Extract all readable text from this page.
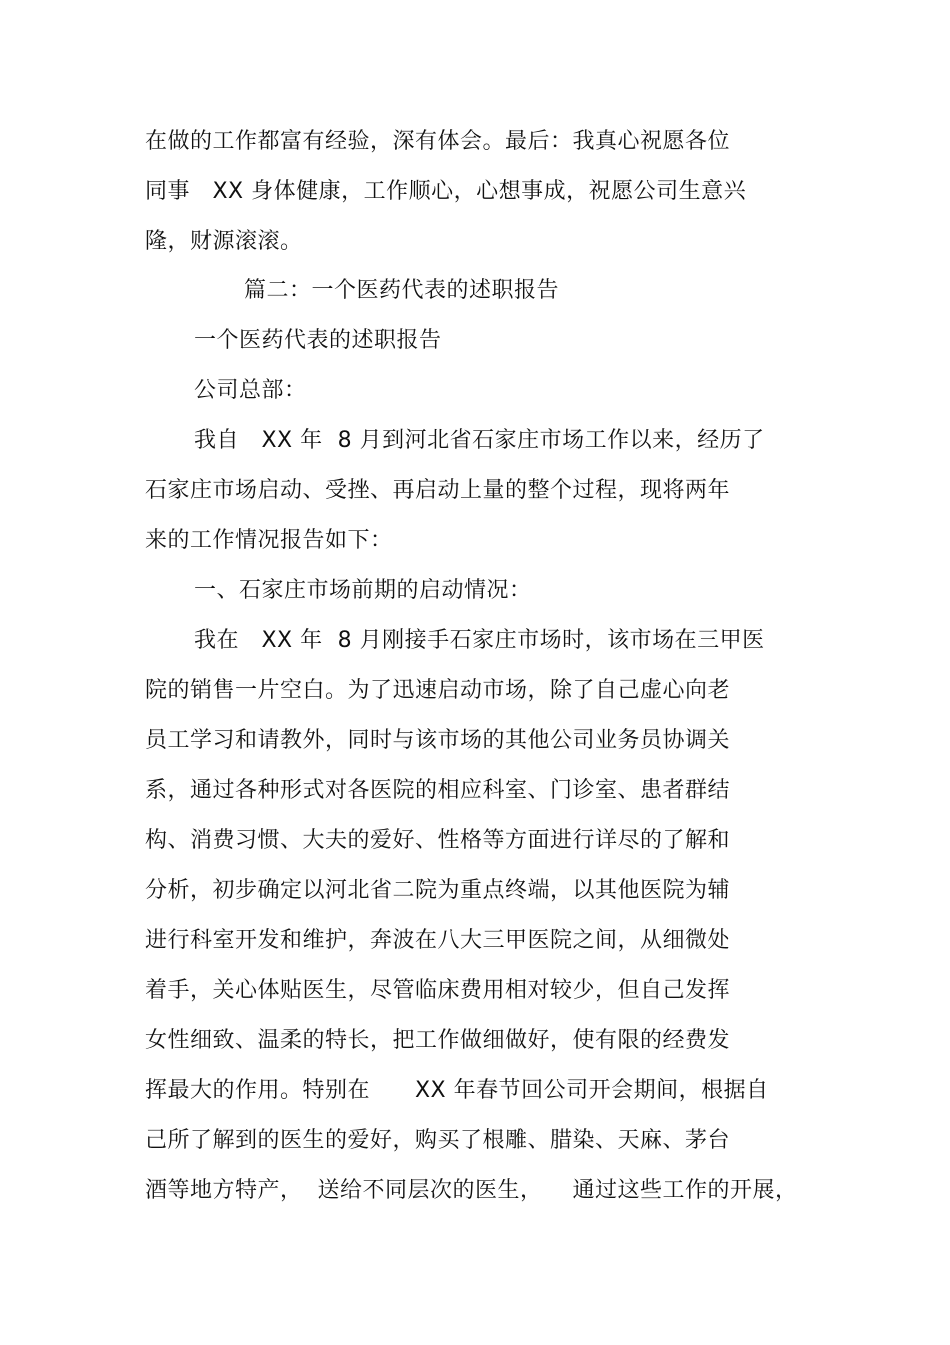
在做的工作都富有经验，深有体会。最后：我真心祝愿各位
同事   XX 身体健康，工作顺心，心想事成，祝愿公司生意兴
隆，财源滚滚。
篇二：一个医药代表的述职报告
一个医药代表的述职报告
公司总部：
我自   XX 年  8 月到河北省石家庄市场工作以来，经历了
石家庄市场启动、受挫、再启动上量的整个过程，现将两年
来的工作情况报告如下：
一、石家庄市场前期的启动情况：
我在   XX 年  8 月刚接手石家庄市场时，该市场在三甲医
院的销售一片空白。为了迅速启动市场，除了自己虚心向老
员工学习和请教外，同时与该市场的其他公司业务员协调关
系，通过各种形式对各医院的相应科室、门诊室、患者群结
构、消费习惯、大夫的爱好、性格等方面进行详尽的了解和
分析，初步确定以河北省二院为重点终端，以其他医院为辅
进行科室开发和维护，奔波在八大三甲医院之间，从细微处
着手，关心体贴医生，尽管临床费用相对较少，但自己发挥
女性细致、温柔的特长，把工作做细做好，使有限的经费发
挥最大的作用。特别在      XX 年春节回公司开会期间，根据自
己所了解到的医生的爱好，购买了根雕、腊染、天麻、茅台
酒等地方特产，  送给不同层次的医生，    通过这些工作的开展，
